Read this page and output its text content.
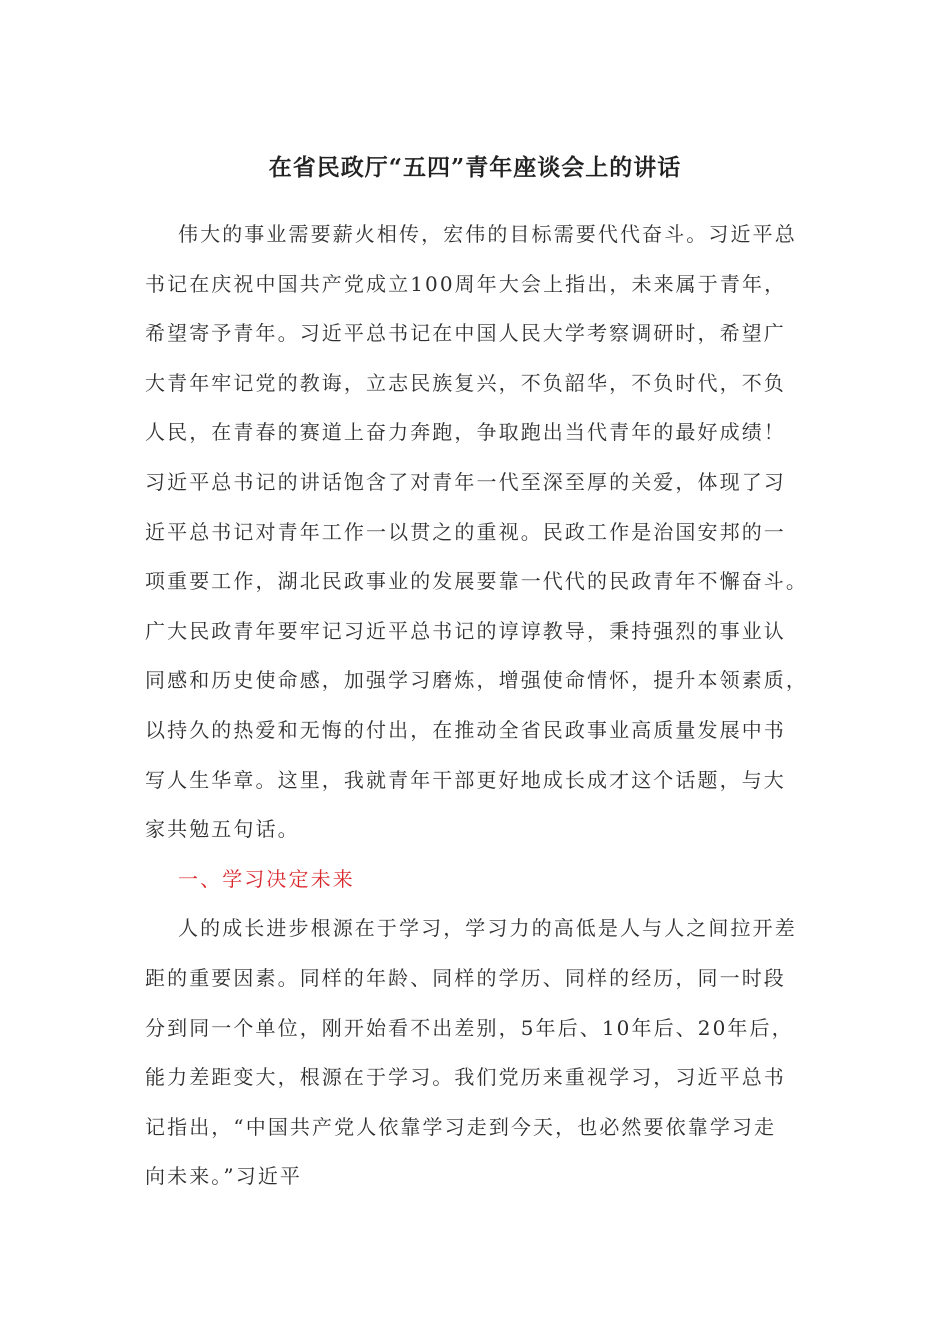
在省民政厅“五四”青年座谈会上的讲话
伟大的事业需要薪火相传，宏伟的目标需要代代奋斗。习近平总
书记在庆祝中国共产党成立100周年大会上指出，未来属于青年，
希望寄予青年。习近平总书记在中国人民大学考察调研时，希望广
大青年牢记党的教诲，立志民族复兴，不负韶华，不负时代，不负
人民，在青春的赛道上奋力奔跑，争取跑出当代青年的最好成绩！
习近平总书记的讲话饱含了对青年一代至深至厚的关爱，体现了习
近平总书记对青年工作一以贯之的重视。民政工作是治国安邦的一
项重要工作，湖北民政事业的发展要靠一代代的民政青年不懈奋斗。
广大民政青年要牢记习近平总书记的谆谆教导，秉持强烈的事业认
同感和历史使命感，加强学习磨炼，增强使命情怀，提升本领素质，
以持久的热爱和无悔的付出，在推动全省民政事业高质量发展中书
写人生华章。这里，我就青年干部更好地成长成才这个话题，与大
家共勉五句话。
一、学习决定未来
人的成长进步根源在于学习，学习力的高低是人与人之间拉开差
距的重要因素。同样的年龄、同样的学历、同样的经历，同一时段
分到同一个单位，刚开始看不出差别，5年后、10年后、20年后，
能力差距变大，根源在于学习。我们党历来重视学习，习近平总书
记指出，“中国共产党人依靠学习走到今天，也必然要依靠学习走
向未来。”习近平
